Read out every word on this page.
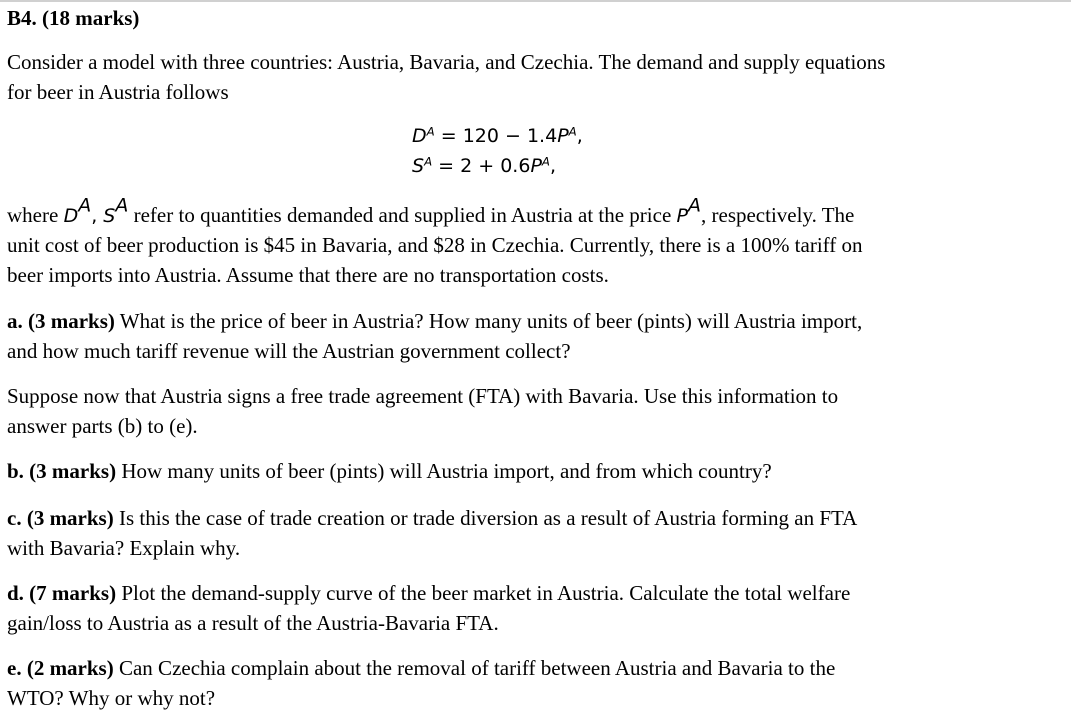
B4. (18 marks)
Consider a model with three countries: Austria, Bavaria, and Czechia. The demand and supply equations
for beer in Austria follows
$D^A = 120 - 1.4P^A$,
$S^A = 2 + 0.6P^A$,
where $D^A$, $S^A$ refer to quantities demanded and supplied in Austria at the price $P^A$, respectively. The
unit cost of beer production is $45 in Bavaria, and $28 in Czechia. Currently, there is a 100% tariff on
beer imports into Austria. Assume that there are no transportation costs.
a. (3 marks) What is the price of beer in Austria? How many units of beer (pints) will Austria import,
and how much tariff revenue will the Austrian government collect?
Suppose now that Austria signs a free trade agreement (FTA) with Bavaria. Use this information to
answer parts (b) to (e).
b. (3 marks) How many units of beer (pints) will Austria import, and from which country?
c. (3 marks) Is this the case of trade creation or trade diversion as a result of Austria forming an FTA
with Bavaria? Explain why.
d. (7 marks) Plot the demand-supply curve of the beer market in Austria. Calculate the total welfare
gain/loss to Austria as a result of the Austria-Bavaria FTA.
e. (2 marks) Can Czechia complain about the removal of tariff between Austria and Bavaria to the
WTO? Why or why not?
